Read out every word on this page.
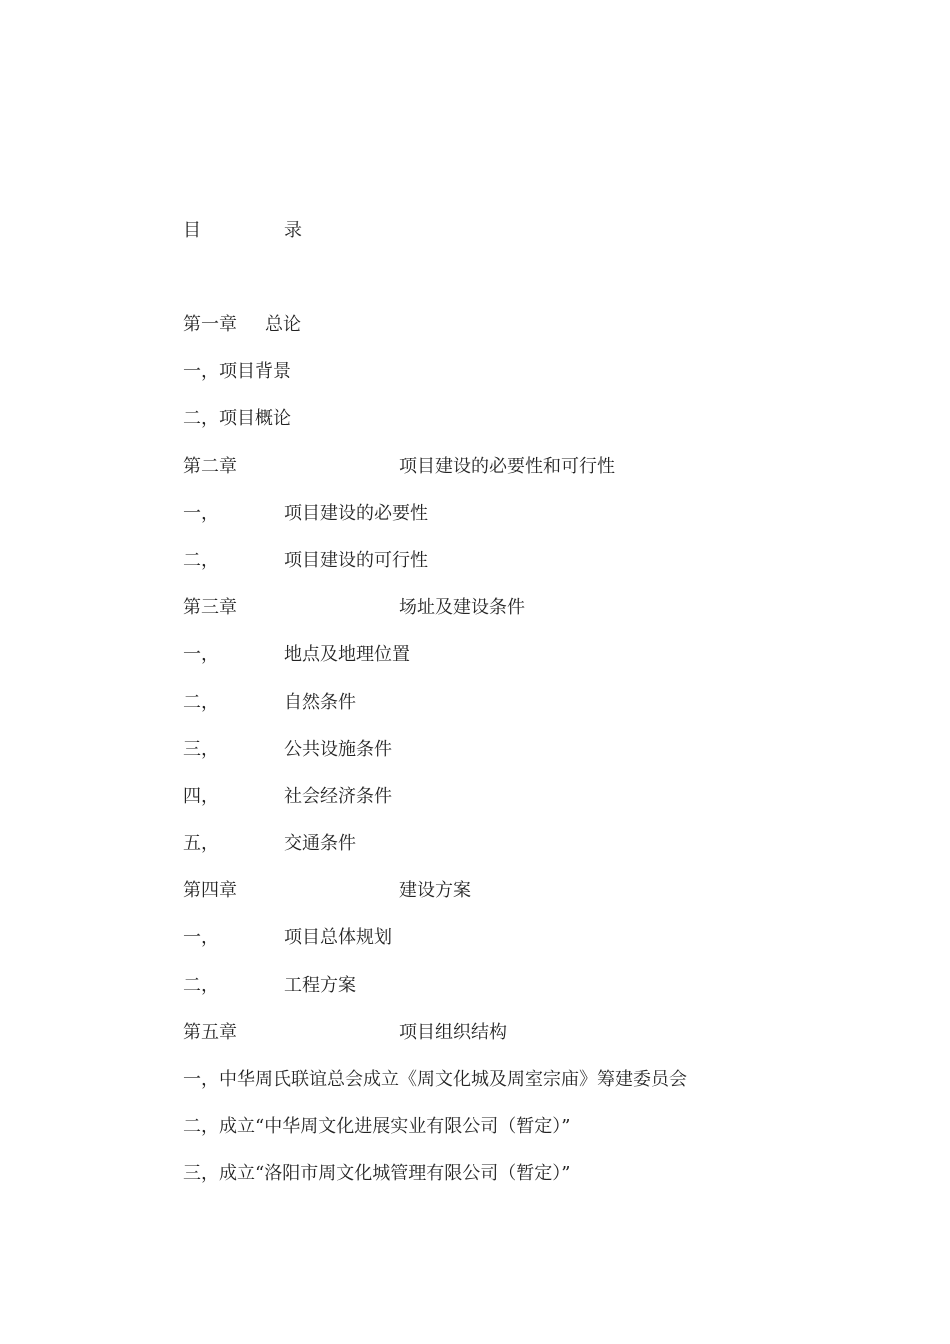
目	录
第一章 总论
一，项目背景
二，项目概论
第二章	项目建设的必要性和可行性
一，	项目建设的必要性
二，	项目建设的可行性
第三章	场址及建设条件
一，	地点及地理位置
二，	自然条件
三，	公共设施条件
四，	社会经济条件
五，	交通条件
第四章	建设方案
一，	项目总体规划
二，	工程方案
第五章	项目组织结构
一，中华周氏联谊总会成立《周文化城及周室宗庙》筹建委员会
二，成立“中华周文化进展实业有限公司（暂定）”
三，成立“洛阳市周文化城管理有限公司（暂定）”
